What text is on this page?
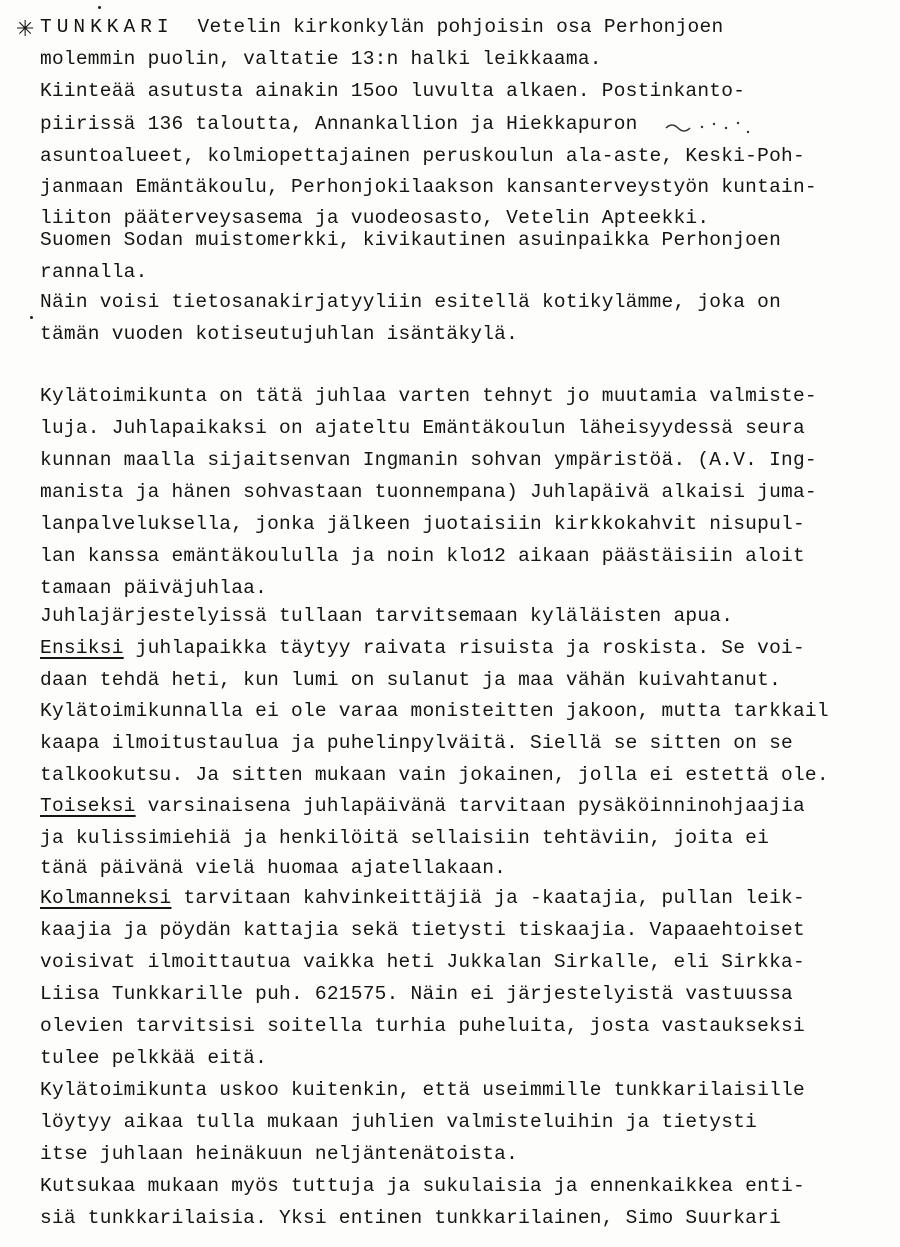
✳ TUNKKARI Vetelin kirkonkylän pohjoisin osa Perhonjoen
molemmin puolin, valtatie 13:n halki leikkaama.
Kiinteää asutusta ainakin 15oo luvulta alkaen. Postinkanto-
piirissä 136 taloutta, Annankallion ja Hiekkapuron
asuntoalueet, kolmiopettajainen peruskoulun ala-aste, Keski-Poh-
janmaan Emäntäkoulu, Perhonjokilaakson kansanterveystyön kuntain-
liiton pääterveysasema ja vuodeosasto, Vetelin Apteekki.
Suomen Sodan muistomerkki, kivikautinen asuinpaikka Perhonjoen
rannalla.
Näin voisi tietosanakirjatyyliin esitellä kotikylämme, joka on
tämän vuoden kotiseutujuhlan isäntäkylä.
Kylätoimikunta on tätä juhlaa varten tehnyt jo muutamia valmiste-
luja. Juhlapaikaksi on ajateltu Emäntäkoulun läheisyydessä seura
kunnan maalla sijaitsenvan Ingmanin sohvan ympäristöä. (A.V. Ing-
manista ja hänen sohvastaan tuonnempana) Juhlapäivä alkaisi juma-
lanpalveluksella, jonka jälkeen juotaisiin kirkkokahvit nisupul-
lan kanssa emäntäkoululla ja noin klo12 aikaan päästäisiin aloit
tamaan päiväjuhlaa.
Juhlajärjestelyissä tullaan tarvitsemaan kyläläisten apua.
Ensiksi juhlapaikka täytyy raivata risuista ja roskista. Se voi-
daan tehdä heti, kun lumi on sulanut ja maa vähän kuivahtanut.
Kylätoimikunnalla ei ole varaa monisteitten jakoon, mutta tarkkail
kaapa ilmoitustaulua ja puhelinpylväitä. Siellä se sitten on se
talkookutsu. Ja sitten mukaan vain jokainen, jolla ei estettä ole.
Toiseksi varsinaisena juhlapäivänä tarvitaan pysäköinninohjaajia
ja kulissimiehiä ja henkilöitä sellaisiin tehtäviin, joita ei
tänä päivänä vielä huomaa ajatellakaan.
Kolmanneksi tarvitaan kahvinkeittäjiä ja -kaatajia, pullan leik-
kaajia ja pöydän kattajia sekä tietysti tiskaajia. Vapaaehtoiset
voisivat ilmoittautua vaikka heti Jukkalan Sirkalle, eli Sirkka-
Liisa Tunkkarille puh. 621575. Näin ei järjestelyistä vastuussa
olevien tarvitsisi soitella turhia puheluita, josta vastaukseksi
tulee pelkkää eitä.
Kylätoimikunta uskoo kuitenkin, että useimmille tunkkarilaisille
löytyy aikaa tulla mukaan juhlien valmisteluihin ja tietysti
itse juhlaan heinäkuun neljäntenätoista.
Kutsukaa mukaan myös tuttuja ja sukulaisia ja ennenkaikkea enti-
siä tunkkarilaisia. Yksi entinen tunkkarilainen, Simo Suurkari
